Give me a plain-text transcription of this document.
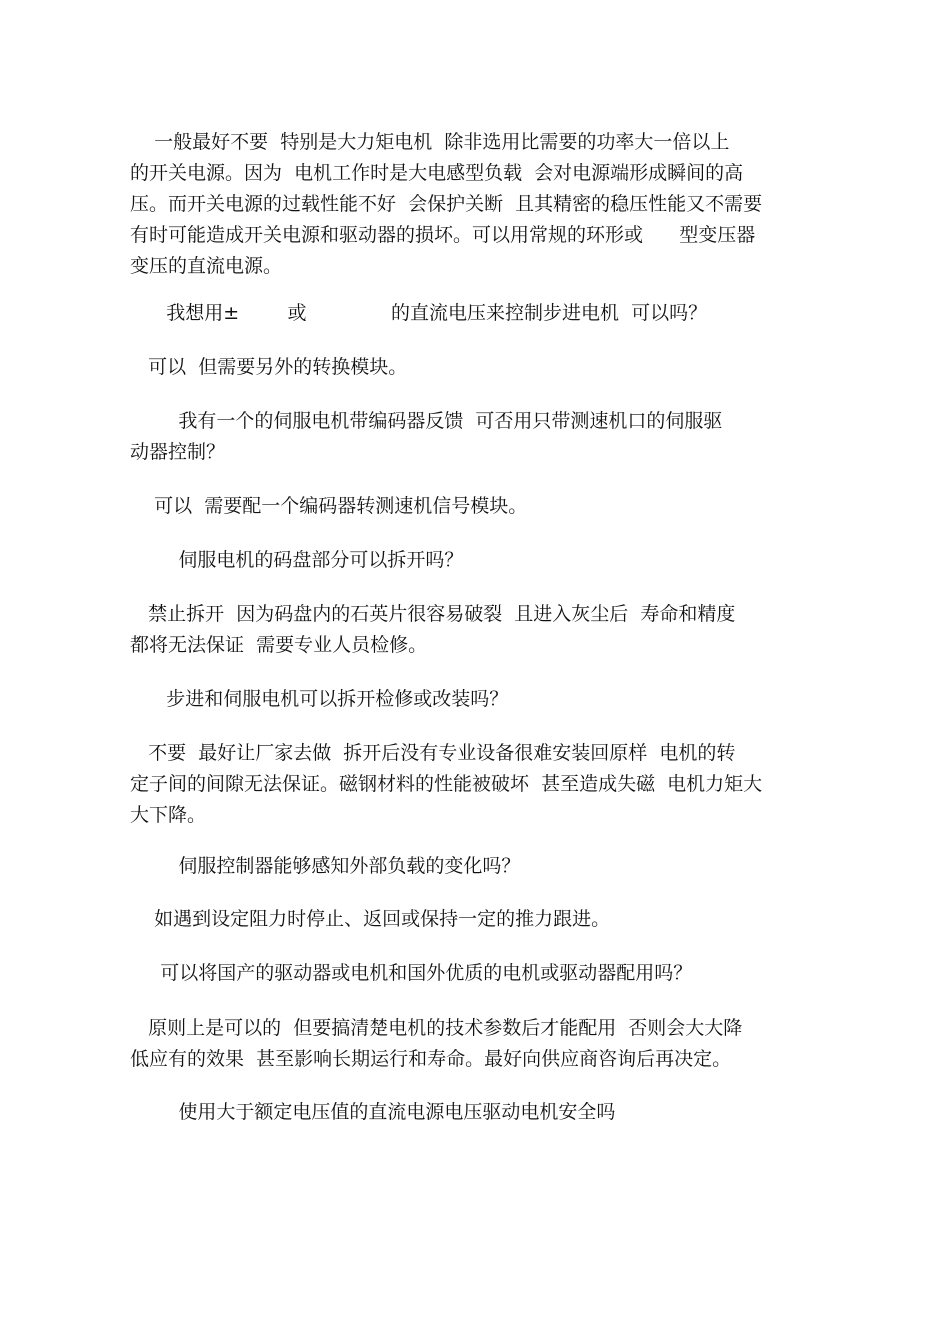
一般最好不要  特别是大力矩电机  除非选用比需要的功率大一倍以上
的开关电源。因为  电机工作时是大电感型负载  会对电源端形成瞬间的高
压。而开关电源的过载性能不好  会保护关断  且其精密的稳压性能又不需要
有时可能造成开关电源和驱动器的损坏。可以用常规的环形或      型变压器
变压的直流电源。

我想用±        或              的直流电压来控制步进电机  可以吗？

可以  但需要另外的转换模块。

我有一个的伺服电机带编码器反馈  可否用只带测速机口的伺服驱
动器控制？

可以  需要配一个编码器转测速机信号模块。

伺服电机的码盘部分可以拆开吗？

禁止拆开  因为码盘内的石英片很容易破裂  且进入灰尘后  寿命和精度
都将无法保证  需要专业人员检修。

步进和伺服电机可以拆开检修或改装吗？

不要  最好让厂家去做  拆开后没有专业设备很难安装回原样  电机的转
定子间的间隙无法保证。磁钢材料的性能被破坏  甚至造成失磁  电机力矩大
大下降。

伺服控制器能够感知外部负载的变化吗？

如遇到设定阻力时停止、返回或保持一定的推力跟进。

可以将国产的驱动器或电机和国外优质的电机或驱动器配用吗？

原则上是可以的  但要搞清楚电机的技术参数后才能配用  否则会大大降
低应有的效果  甚至影响长期运行和寿命。最好向供应商咨询后再决定。

使用大于额定电压值的直流电源电压驱动电机安全吗
